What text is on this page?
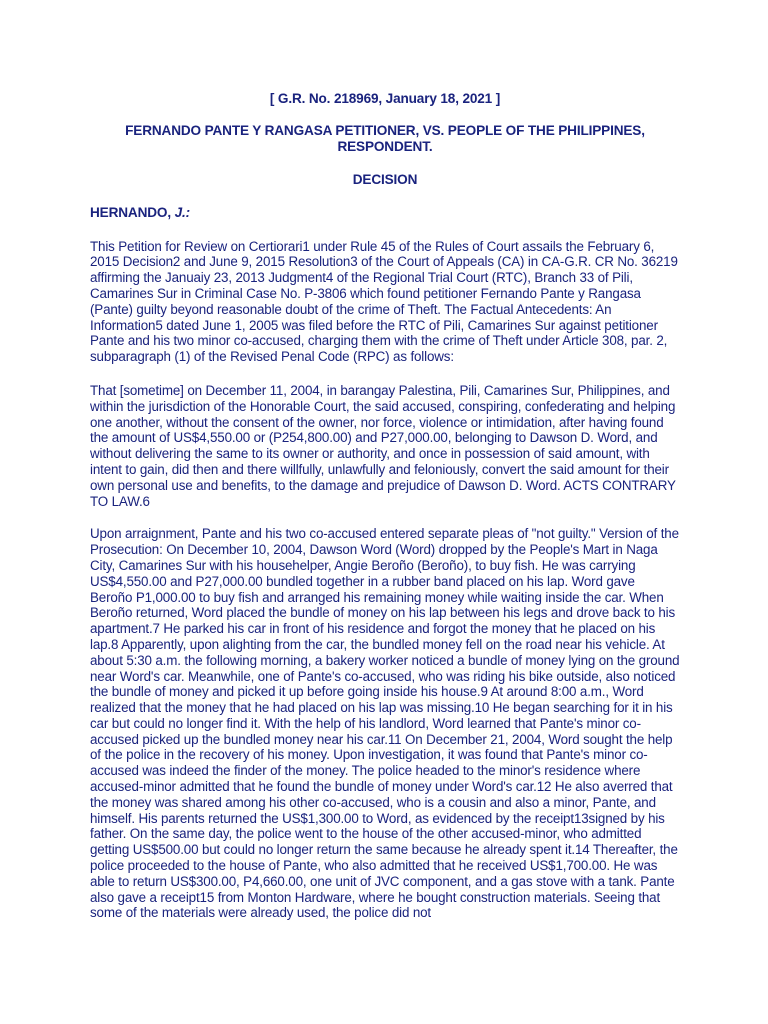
[ G.R. No. 218969, January 18, 2021 ]
FERNANDO PANTE Y RANGASA PETITIONER, VS. PEOPLE OF THE PHILIPPINES, RESPONDENT.
DECISION
HERNANDO, J.:

This Petition for Review on Certiorari1 under Rule 45 of the Rules of Court assails the February 6, 2015 Decision2 and June 9, 2015 Resolution3 of the Court of Appeals (CA) in CA-G.R. CR No. 36219 affirming the Januaiy 23, 2013 Judgment4 of the Regional Trial Court (RTC), Branch 33 of Pili, Camarines Sur in Criminal Case No. P-3806 which found petitioner Fernando Pante y Rangasa (Pante) guilty beyond reasonable doubt of the crime of Theft. The Factual Antecedents: An Information5 dated June 1, 2005 was filed before the RTC of Pili, Camarines Sur against petitioner Pante and his two minor co-accused, charging them with the crime of Theft under Article 308, par. 2, subparagraph (1) of the Revised Penal Code (RPC) as follows:

That [sometime] on December 11, 2004, in barangay Palestina, Pili, Camarines Sur, Philippines, and within the jurisdiction of the Honorable Court, the said accused, conspiring, confederating and helping one another, without the consent of the owner, nor force, violence or intimidation, after having found the amount of US$4,550.00 or (P254,800.00) and P27,000.00, belonging to Dawson D. Word, and without delivering the same to its owner or authority, and once in possession of said amount, with intent to gain, did then and there willfully, unlawfully and feloniously, convert the said amount for their own personal use and benefits, to the damage and prejudice of Dawson D. Word. ACTS CONTRARY TO LAW.6

Upon arraignment, Pante and his two co-accused entered separate pleas of "not guilty." Version of the Prosecution: On December 10, 2004, Dawson Word (Word) dropped by the People's Mart in Naga City, Camarines Sur with his househelper, Angie Beroño (Beroño), to buy fish. He was carrying US$4,550.00 and P27,000.00 bundled together in a rubber band placed on his lap. Word gave Beroño P1,000.00 to buy fish and arranged his remaining money while waiting inside the car. When Beroño returned, Word placed the bundle of money on his lap between his legs and drove back to his apartment.7 He parked his car in front of his residence and forgot the money that he placed on his lap.8 Apparently, upon alighting from the car, the bundled money fell on the road near his vehicle. At about 5:30 a.m. the following morning, a bakery worker noticed a bundle of money lying on the ground near Word's car. Meanwhile, one of Pante's co-accused, who was riding his bike outside, also noticed the bundle of money and picked it up before going inside his house.9 At around 8:00 a.m., Word realized that the money that he had placed on his lap was missing.10 He began searching for it in his car but could no longer find it. With the help of his landlord, Word learned that Pante's minor co-accused picked up the bundled money near his car.11 On December 21, 2004, Word sought the help of the police in the recovery of his money. Upon investigation, it was found that Pante's minor co-accused was indeed the finder of the money. The police headed to the minor's residence where accused-minor admitted that he found the bundle of money under Word's car.12 He also averred that the money was shared among his other co-accused, who is a cousin and also a minor, Pante, and himself. His parents returned the US$1,300.00 to Word, as evidenced by the receipt13signed by his father. On the same day, the police went to the house of the other accused-minor, who admitted getting US$500.00 but could no longer return the same because he already spent it.14 Thereafter, the police proceeded to the house of Pante, who also admitted that he received US$1,700.00. He was able to return US$300.00, P4,660.00, one unit of JVC component, and a gas stove with a tank. Pante also gave a receipt15 from Monton Hardware, where he bought construction materials. Seeing that some of the materials were already used, the police did not
